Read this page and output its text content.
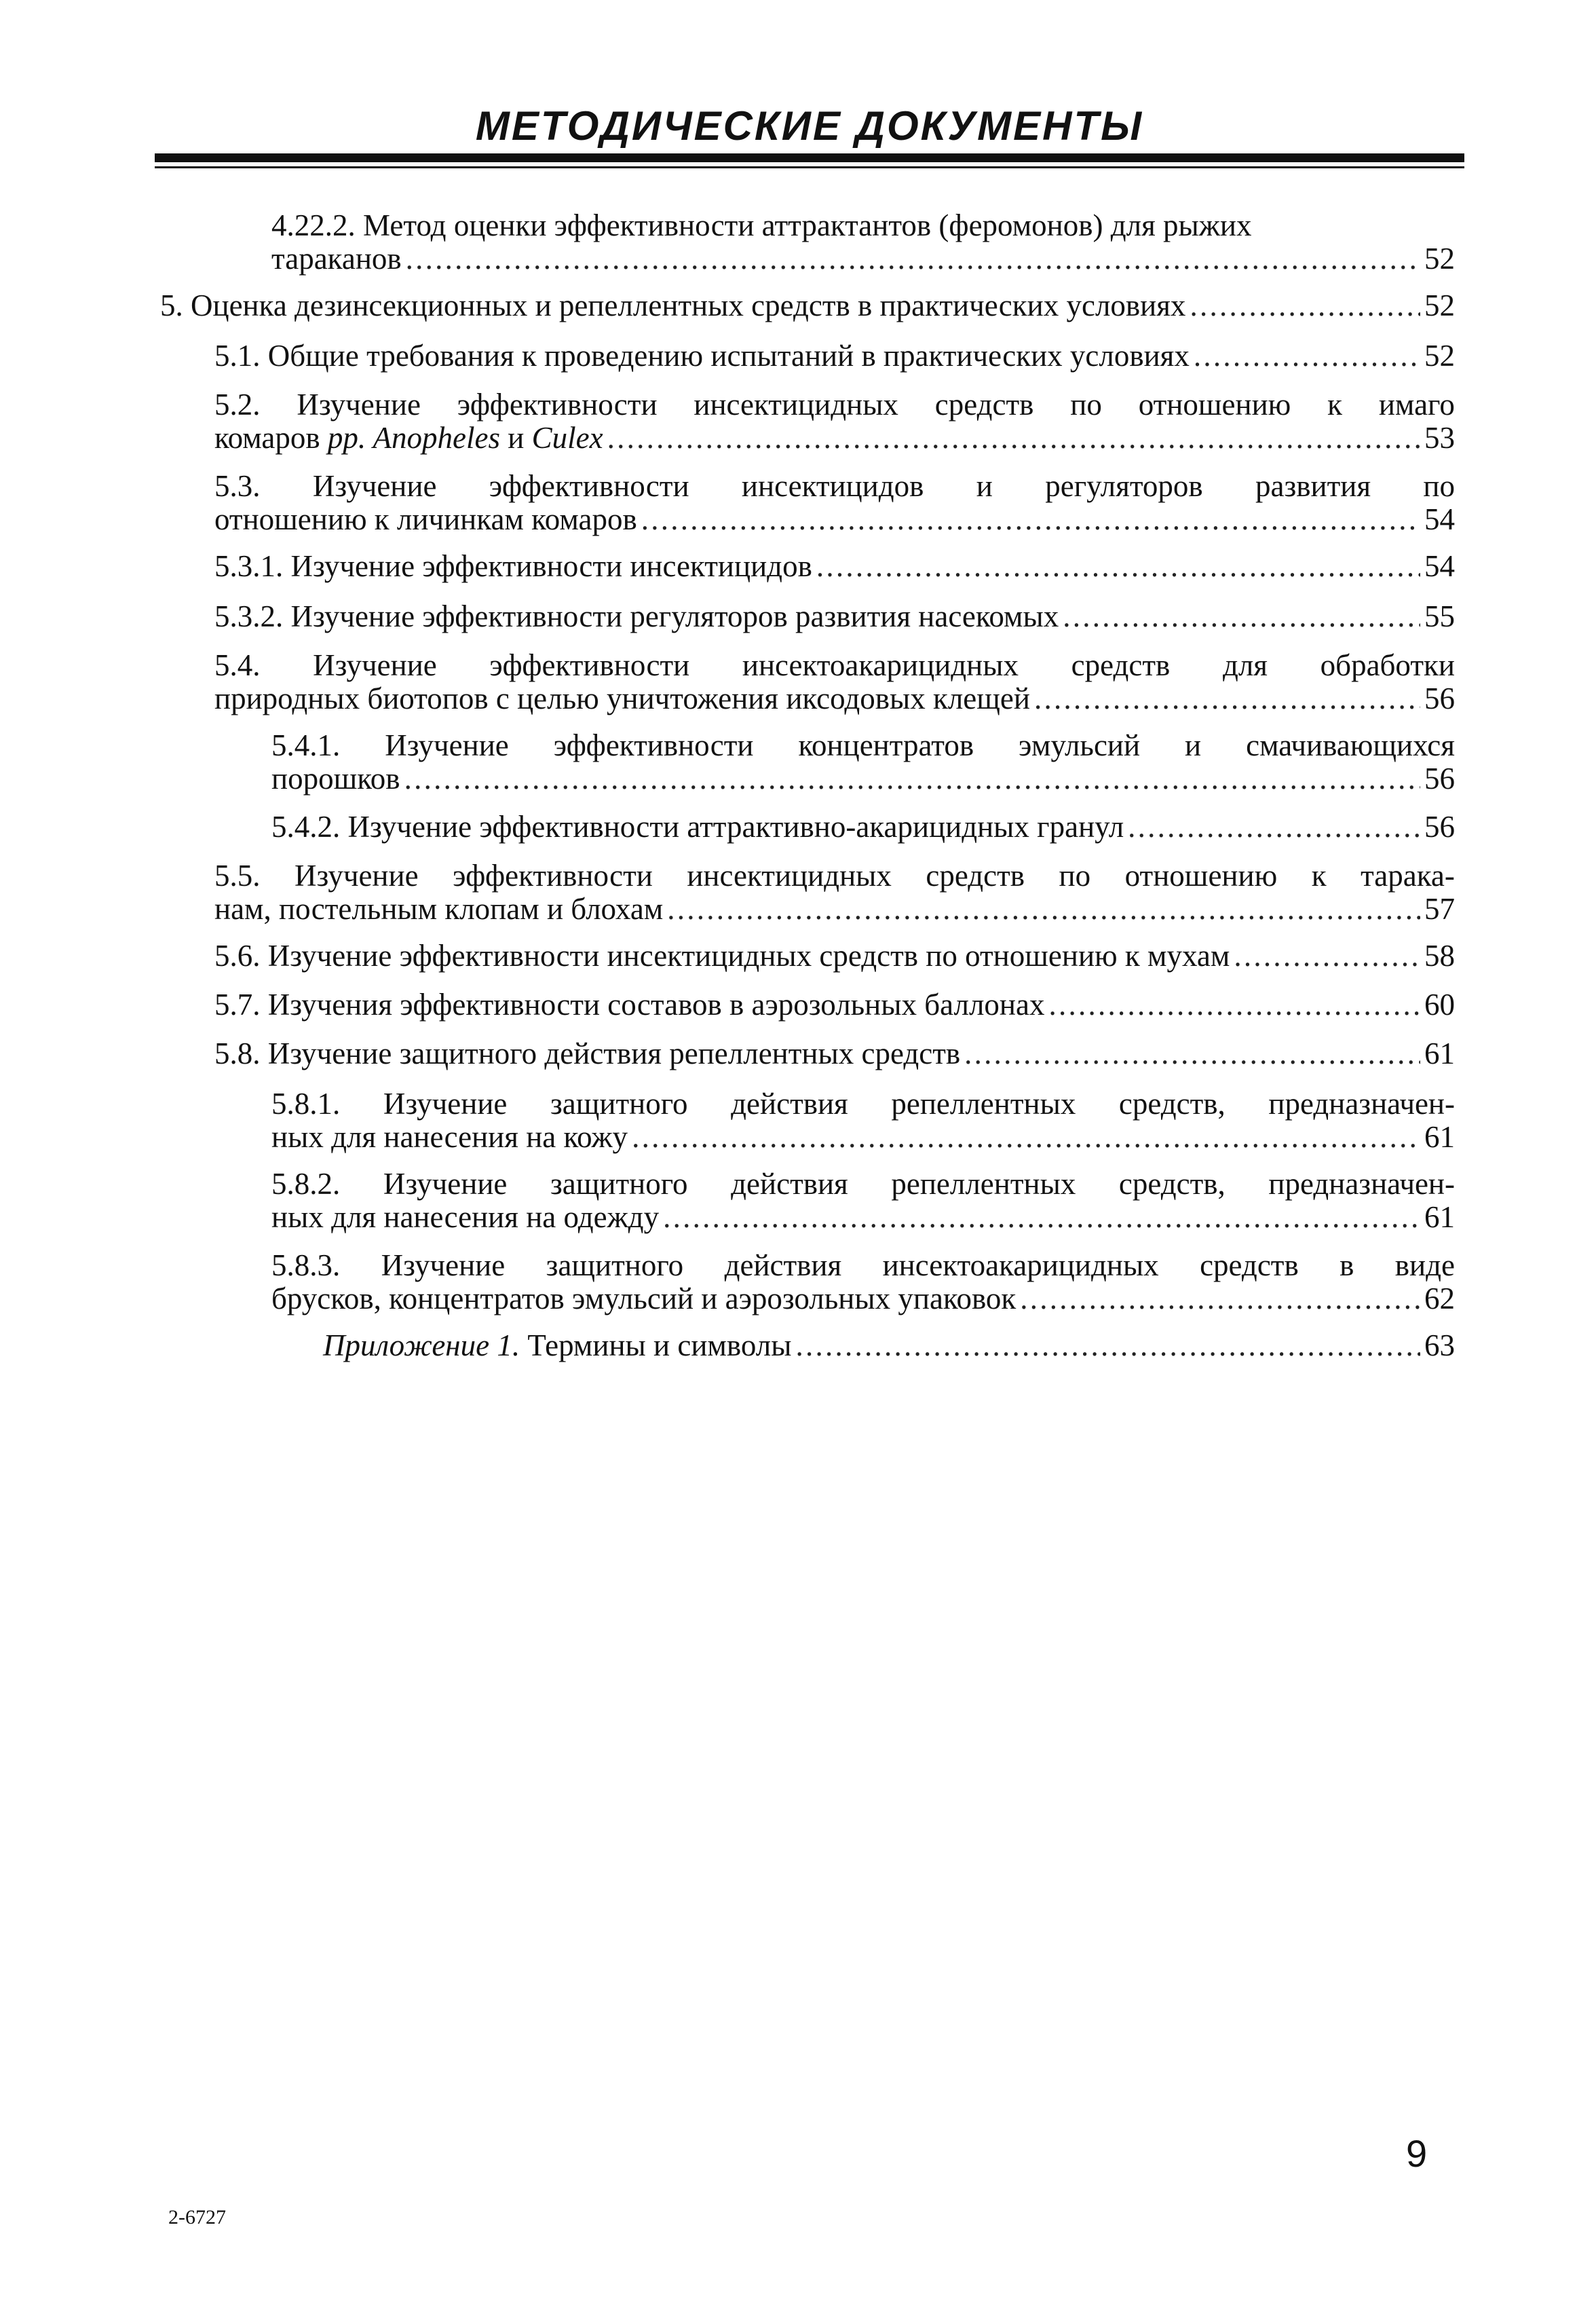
МЕТОДИЧЕСКИЕ ДОКУМЕНТЫ
4.22.2. Метод оценки эффективности аттрактантов (феромонов) для рыжих
тараканов . . .	52
5. Оценка дезинсекционных и репеллентных средств в практических условиях . . .	52
5.1. Общие требования к проведению испытаний в практических условиях . . .	52
5.2. Изучение эффективности инсектицидных средств по отношению к имаго
комаров pp. Anopheles и Culex . . .	53
5.3. Изучение эффективности инсектицидов и регуляторов развития по
отношению к личинкам комаров . . .	54
5.3.1. Изучение эффективности инсектицидов . . .	54
5.3.2. Изучение эффективности регуляторов развития насекомых . . .	55
5.4. Изучение эффективности инсектоакарицидных средств для обработки
природных биотопов с целью уничтожения иксодовых клещей . . .	56
5.4.1. Изучение эффективности концентратов эмульсий и смачивающихся
порошков . . .	56
5.4.2. Изучение эффективности аттрактивно-акарицидных гранул . . .	56
5.5. Изучение эффективности инсектицидных средств по отношению к тарака-
нам, постельным клопам и блохам . . .	57
5.6. Изучение эффективности инсектицидных средств по отношению к мухам . . .	58
5.7. Изучения эффективности составов в аэрозольных баллонах . . .	60
5.8. Изучение защитного действия репеллентных средств . . .	61
5.8.1. Изучение защитного действия репеллентных средств, предназначен-
ных для нанесения на кожу . . .	61
5.8.2. Изучение защитного действия репеллентных средств, предназначен-
ных для нанесения на одежду . . .	61
5.8.3. Изучение защитного действия инсектоакарицидных средств в виде
брусков, концентратов эмульсий и аэрозольных упаковок . . .	62
Приложение 1. Термины и символы . . .	63
9
2-6727
